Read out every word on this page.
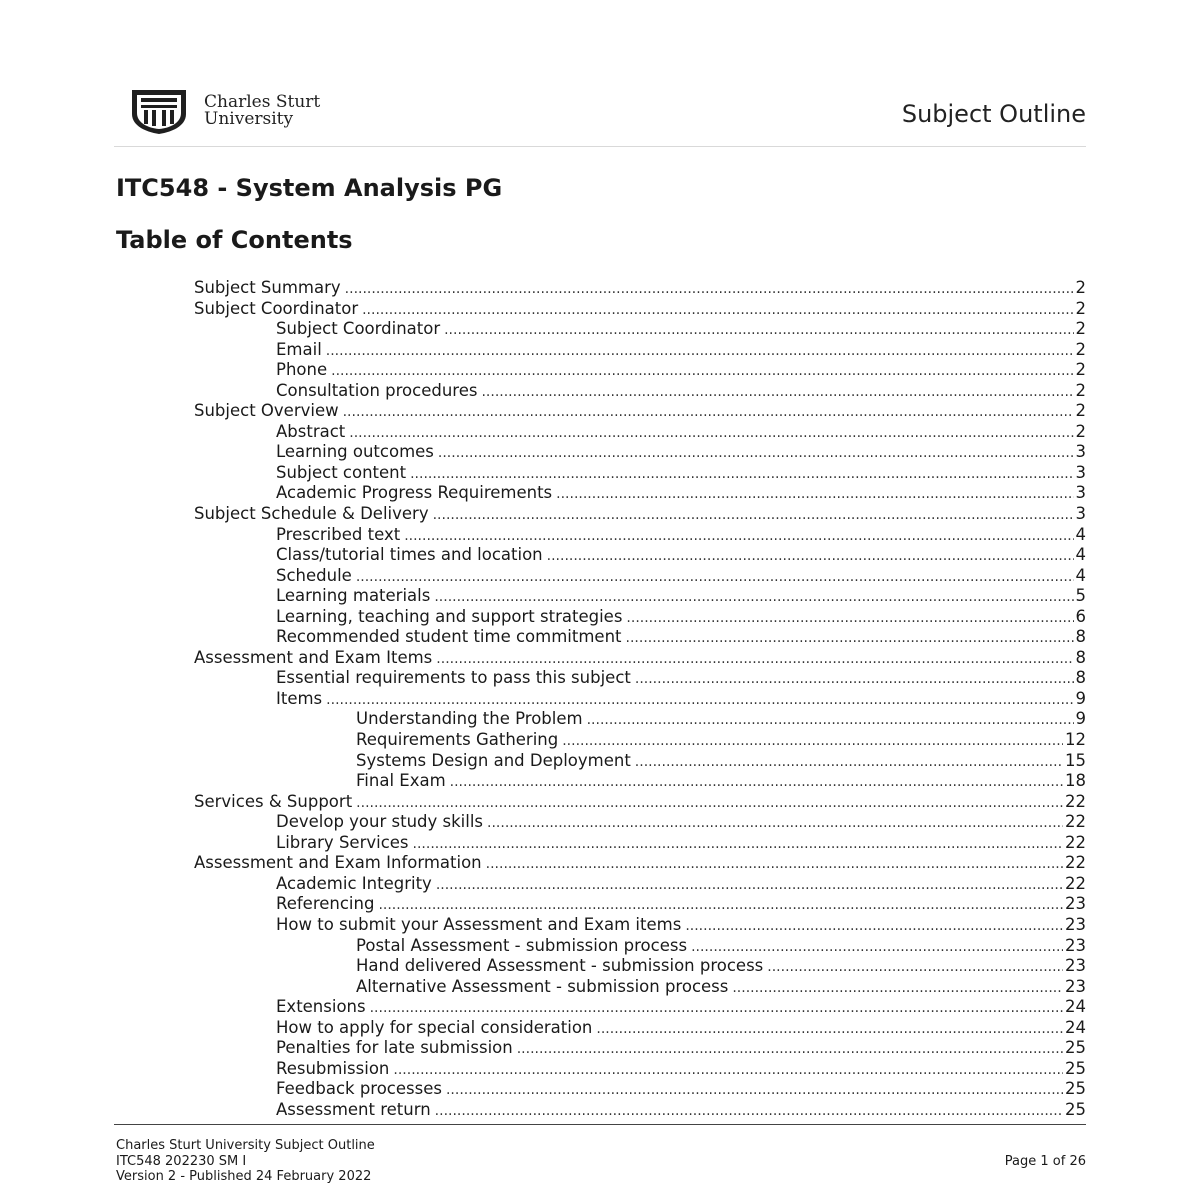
Charles Sturt
University	Subject Outline
ITC548 - System Analysis PG
Table of Contents
Subject Summary .....	2
Subject Coordinator .....	2
Subject Coordinator .....	2
Email .....	2
Phone .....	2
Consultation procedures .....	2
Subject Overview .....	2
Abstract .....	2
Learning outcomes .....	3
Subject content .....	3
Academic Progress Requirements .....	3
Subject Schedule & Delivery .....	3
Prescribed text .....	4
Class/tutorial times and location .....	4
Schedule .....	4
Learning materials .....	5
Learning, teaching and support strategies .....	6
Recommended student time commitment .....	8
Assessment and Exam Items .....	8
Essential requirements to pass this subject .....	8
Items .....	9
Understanding the Problem .....	9
Requirements Gathering .....	12
Systems Design and Deployment .....	15
Final Exam .....	18
Services & Support .....	22
Develop your study skills .....	22
Library Services .....	22
Assessment and Exam Information .....	22
Academic Integrity .....	22
Referencing .....	23
How to submit your Assessment and Exam items .....	23
Postal Assessment - submission process .....	23
Hand delivered Assessment - submission process .....	23
Alternative Assessment - submission process .....	23
Extensions .....	24
How to apply for special consideration .....	24
Penalties for late submission .....	25
Resubmission .....	25
Feedback processes .....	25
Assessment return .....	25
Charles Sturt University Subject Outline
ITC548 202230 SM I
Version 2 - Published 24 February 2022
Page 1 of 26
